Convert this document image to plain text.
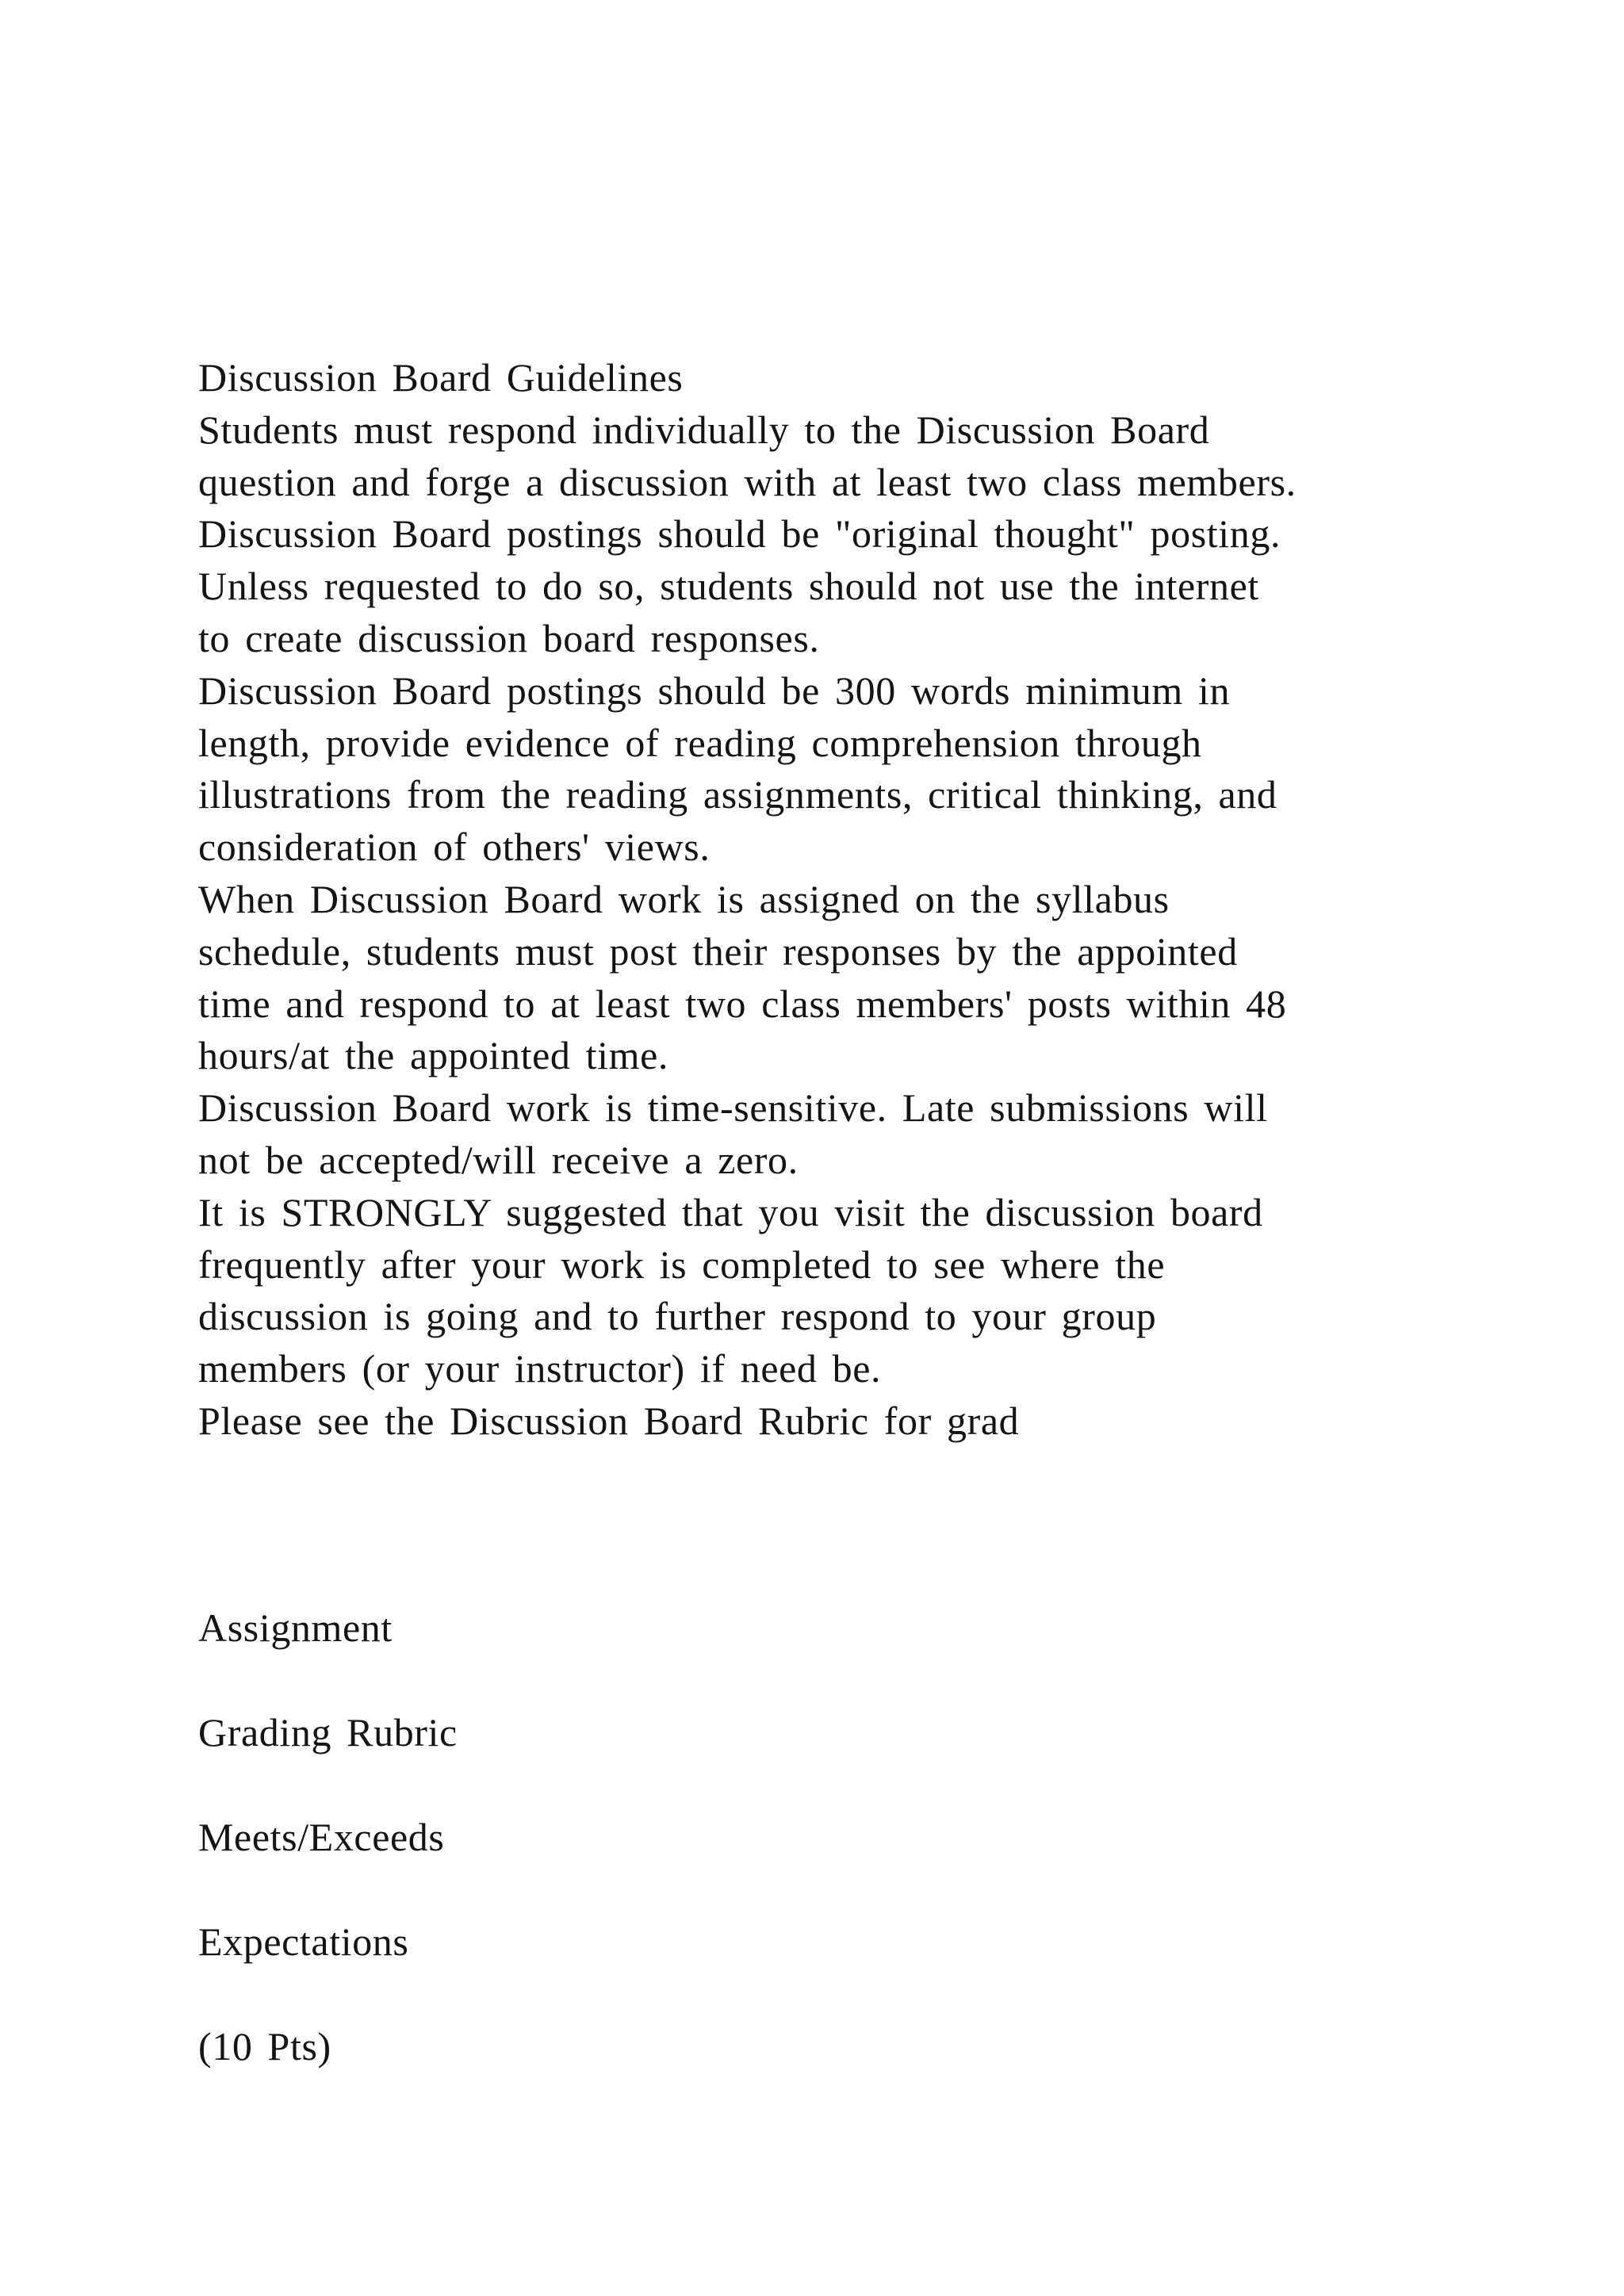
Discussion Board Guidelines
Students must respond individually to the Discussion Board
question and forge a discussion with at least two class members.
Discussion Board postings should be "original thought" posting.
Unless requested to do so, students should not use the internet
to create discussion board responses.
Discussion Board postings should be 300 words minimum in
length, provide evidence of reading comprehension through
illustrations from the reading assignments, critical thinking, and
consideration of others' views.
When Discussion Board work is assigned on the syllabus
schedule, students must post their responses by the appointed
time and respond to at least two class members' posts within 48
hours/at the appointed time.
Discussion Board work is time-sensitive. Late submissions will
not be accepted/will receive a zero.
It is STRONGLY suggested that you visit the discussion board
frequently after your work is completed to see where the
discussion is going and to further respond to your group
members (or your instructor) if need be.
Please see the Discussion Board Rubric for grad
Assignment
Grading Rubric
Meets/Exceeds
Expectations
(10 Pts)
